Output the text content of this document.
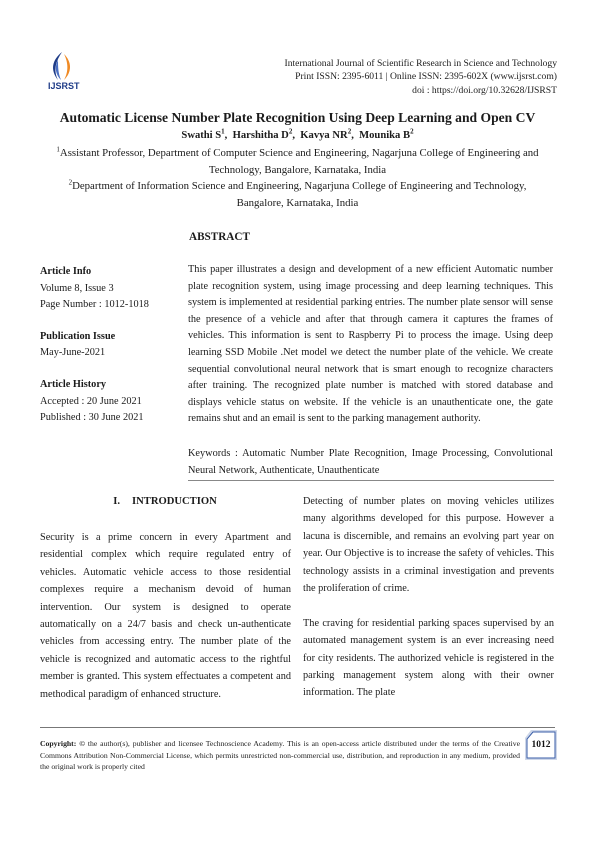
IJSRST
International Journal of Scientific Research in Science and Technology
Print ISSN: 2395-6011 | Online ISSN: 2395-602X (www.ijsrst.com)
doi : https://doi.org/10.32628/IJSRST
Automatic License Number Plate Recognition Using Deep Learning and Open CV
Swathi $S^1$,  Harshitha $D^2$,  Kavya $NR^2$,  Mounika $B^2$
$^1$Assistant Professor, Department of Computer Science and Engineering, Nagarjuna College of Engineering and
Technology, Bangalore, Karnataka, India
$^2$Department of Information Science and Engineering, Nagarjuna College of Engineering and Technology,
Bangalore, Karnataka, India
ABSTRACT
Article Info
Volume 8, Issue 3
Page Number : 1012-1018
Publication Issue
May-June-2021
Article History
Accepted : 20 June 2021
Published : 30 June 2021
This paper illustrates a design and development of a new efficient Automatic number plate recognition system, using image processing and deep learning techniques. This system is implemented at residential parking entries. The number plate sensor will sense the presence of a vehicle and after that through camera it captures the frames of vehicles. This information is sent to Raspberry Pi to process the image. Using deep learning SSD Mobile .Net model we detect the number plate of the vehicle. We create sequential convolutional neural network that is smart enough to recognize characters after training. The recognized plate number is matched with stored database and displays vehicle status on website. If the vehicle is an unauthenticate one, the gate remains shut and an email is sent to the parking management authority.
Keywords : Automatic Number Plate Recognition, Image Processing, Convolutional Neural Network, Authenticate, Unauthenticate
I. INTRODUCTION

Security is a prime concern in every Apartment and residential complex which require regulated entry of vehicles. Automatic vehicle access to those residential complexes require a mechanism devoid of human intervention. Our system is designed to operate automatically on a 24/7 basis and check un-authenticate vehicles from accessing entry. The number plate of the vehicle is recognized and automatic access to the rightful member is granted. This system effectuates a competent and methodical paradigm of enhanced structure.

Detecting of number plates on moving vehicles utilizes many algorithms developed for this purpose. However a lacuna is discernible, and remains an evolving part year on year. Our Objective is to increase the safety of vehicles. This technology assists in a criminal investigation and prevents the proliferation of crime.

The craving for residential parking spaces supervised by an automated management system is an ever increasing need for city residents. The authorized vehicle is registered in the parking management system along with their owner information. The plate

Copyright: © the author(s), publisher and licensee Technoscience Academy. This is an open-access article distributed under the terms of the Creative Commons Attribution Non-Commercial License, which permits unrestricted non-commercial use, distribution, and reproduction in any medium, provided the original work is properly cited
1012
